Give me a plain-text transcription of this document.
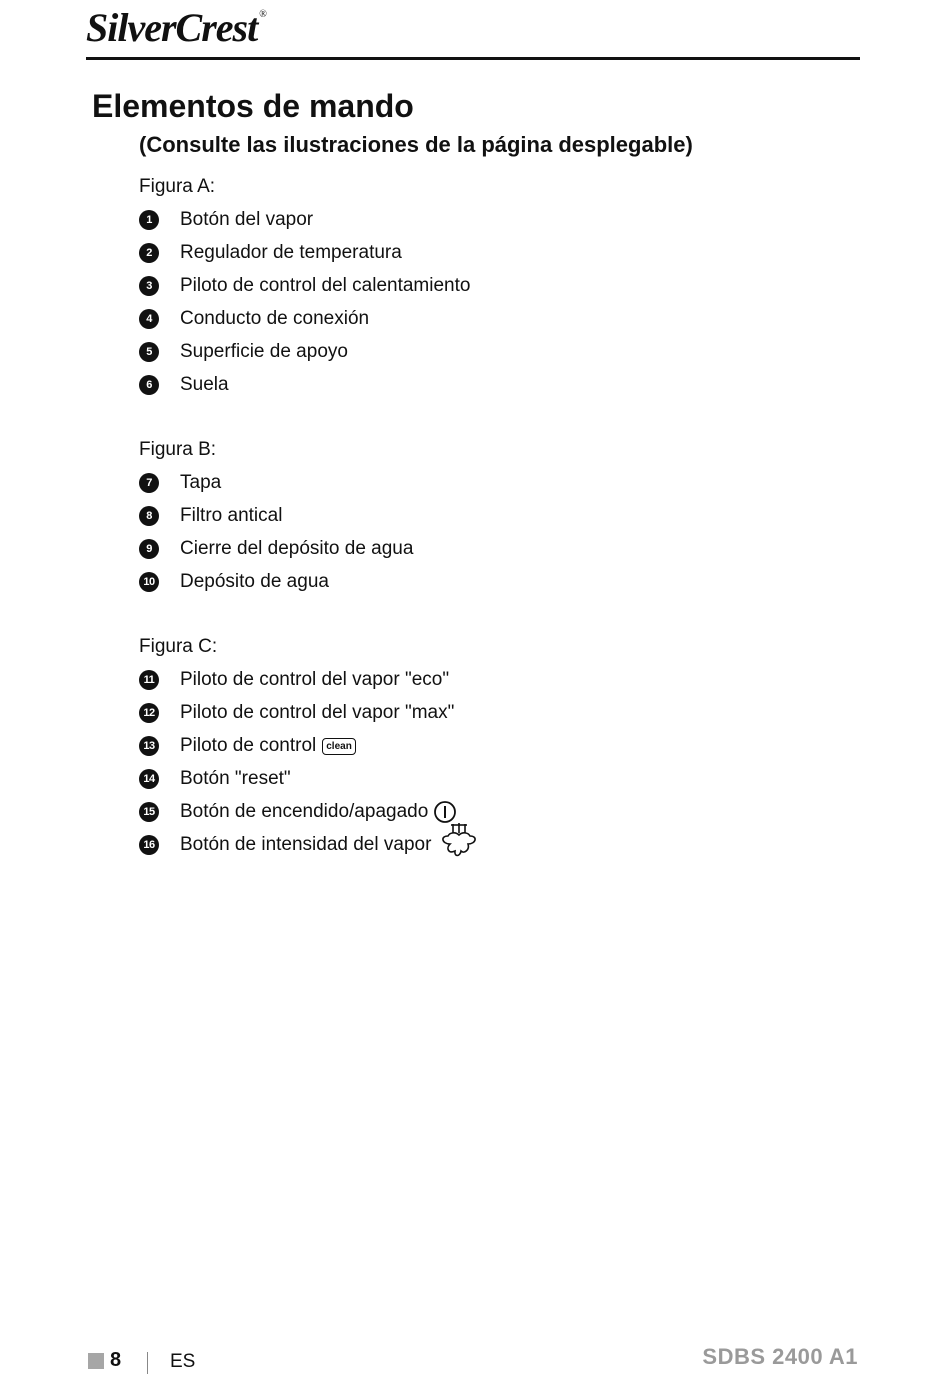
SilverCrest ®
Elementos de mando
(Consulte las ilustraciones de la página desplegable)

Figura A:

1	Botón del vapor
2	Regulador de temperatura
3	Piloto de control del calentamiento
4	Conducto de conexión
5	Superficie de apoyo
6	Suela

Figura B:

7	Tapa
8	Filtro antical
9	Cierre del depósito de agua
10 Depósito de agua

Figura C:

11 Piloto de control del vapor "eco"
12 Piloto de control del vapor "max"
13 Piloto de control	clean
14 Botón "reset"
15 Botón de encendido/apagado
16 Botón de intensidad del vapor
8	ES	SDBS 2400 A1
